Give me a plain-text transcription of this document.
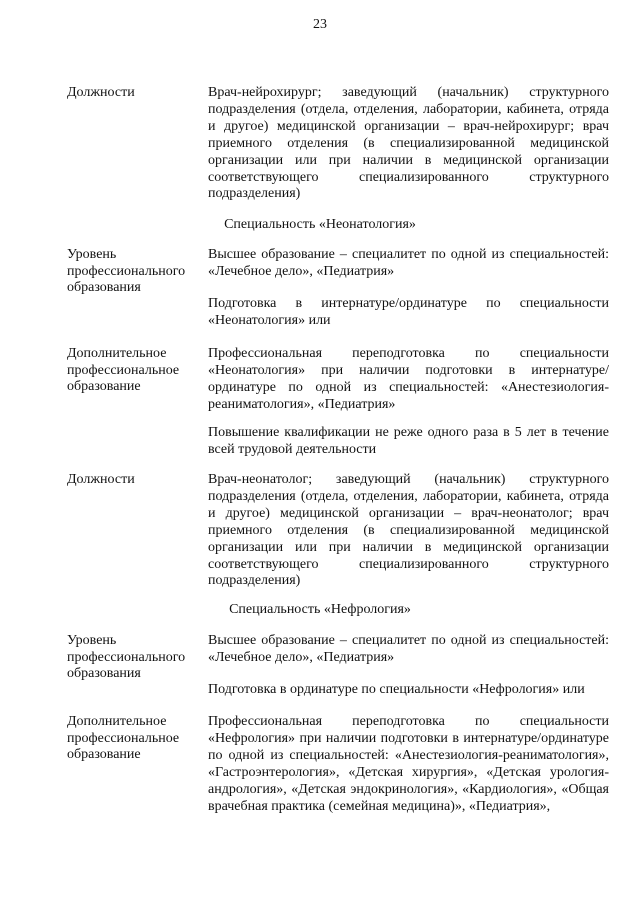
23
Должности	Врач-нейрохирург; заведующий (начальник) структурного подразделения (отдела, отделения, лаборатории, кабинета, отряда и другое) медицинской организации – врач-нейрохирург; врач приемного отделения (в специализированной медицинской организации или при наличии в медицинской организации соответствующего специализированного структурного подразделения)
Специальность «Неонатология»
Уровень профессионального образования
Высшее образование – специалитет по одной из специальностей: «Лечебное дело», «Педиатрия»
Подготовка в интернатуре/ординатуре по специальности «Неонатология» или
Дополнительное профессиональное образование
Профессиональная переподготовка по специальности «Неонатология» при наличии подготовки в интернатуре/ординатуре по одной из специальностей: «Анестезиология-реаниматология», «Педиатрия»
Повышение квалификации не реже одного раза в 5 лет в течение всей трудовой деятельности
Должности	Врач-неонатолог; заведующий (начальник) структурного подразделения (отдела, отделения, лаборатории, кабинета, отряда и другое) медицинской организации – врач-неонатолог; врач приемного отделения (в специализированной медицинской организации или при наличии в медицинской организации соответствующего специализированного структурного подразделения)
Специальность «Нефрология»
Уровень профессионального образования
Высшее образование – специалитет по одной из специальностей: «Лечебное дело», «Педиатрия»
Подготовка в ординатуре по специальности «Нефрология» или
Дополнительное профессиональное образование
Профессиональная переподготовка по специальности «Нефрология» при наличии подготовки в интернатуре/ординатуре по одной из специальностей: «Анестезиология-реаниматология», «Гастроэнтерология», «Детская хирургия», «Детская урология-андрология», «Детская эндокринология», «Кардиология», «Общая врачебная практика (семейная медицина)», «Педиатрия»,
